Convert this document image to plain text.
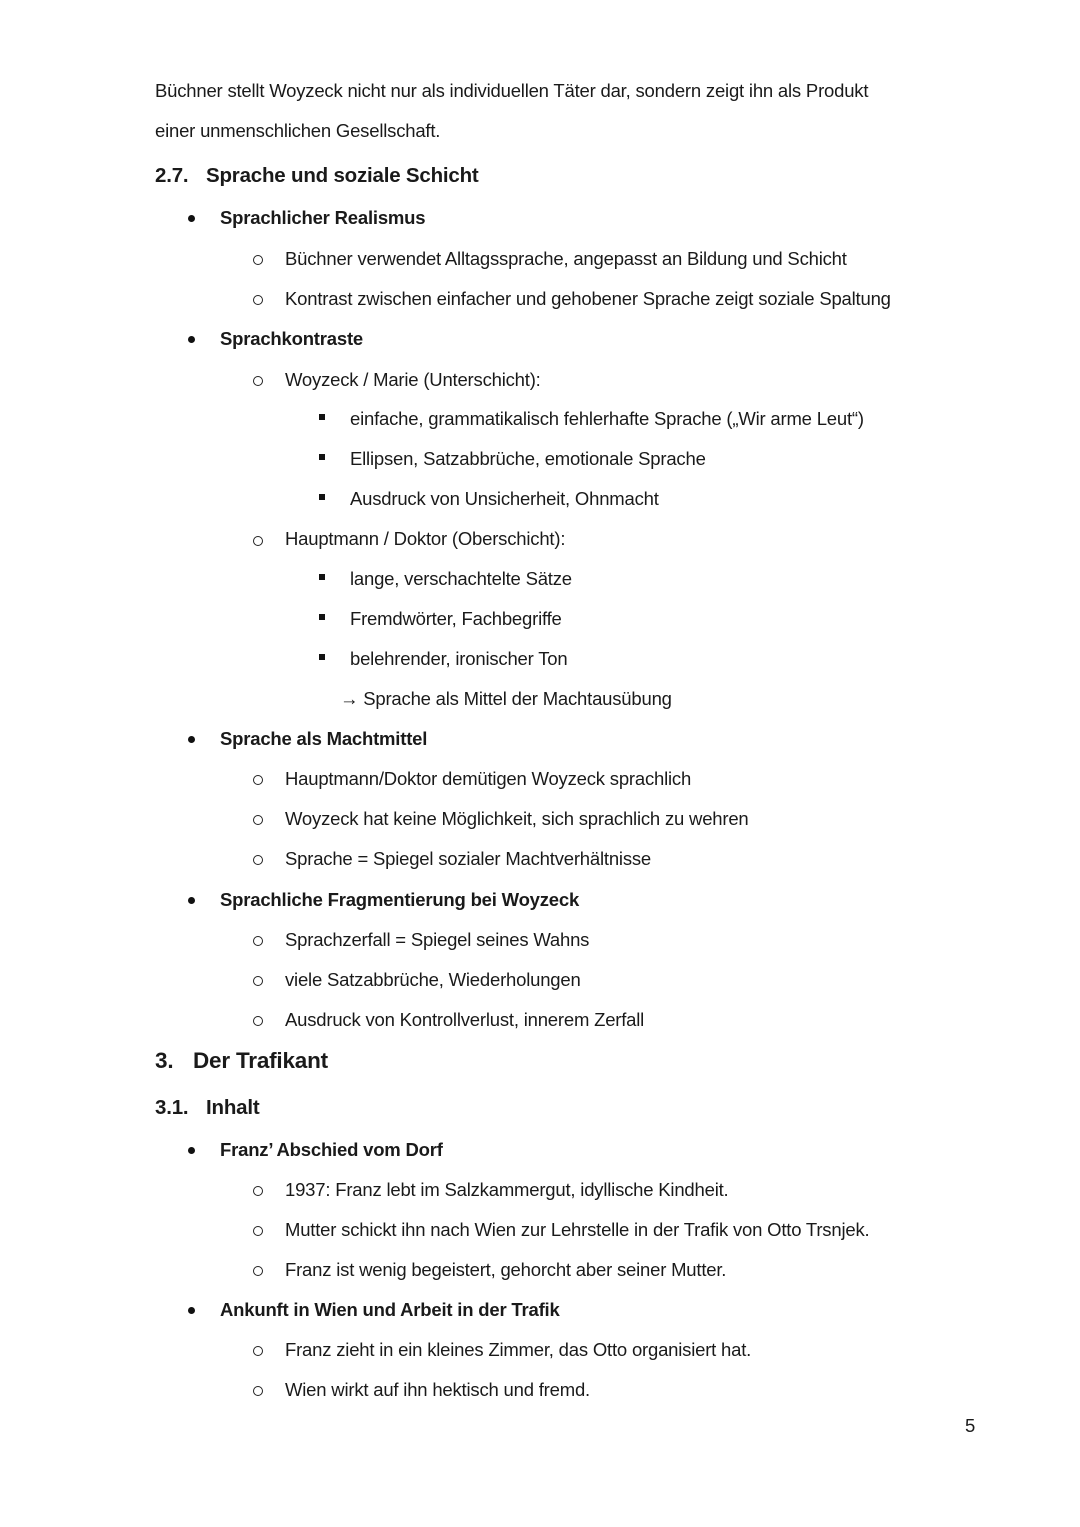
Büchner stellt Woyzeck nicht nur als individuellen Täter dar, sondern zeigt ihn als Produkt
einer unmenschlichen Gesellschaft.
2.7. Sprache und soziale Schicht
Sprachlicher Realismus
Büchner verwendet Alltagssprache, angepasst an Bildung und Schicht
Kontrast zwischen einfacher und gehobener Sprache zeigt soziale Spaltung
Sprachkontraste
Woyzeck / Marie (Unterschicht):
einfache, grammatikalisch fehlerhafte Sprache („Wir arme Leut“)
Ellipsen, Satzabbrüche, emotionale Sprache
Ausdruck von Unsicherheit, Ohnmacht
Hauptmann / Doktor (Oberschicht):
lange, verschachtelte Sätze
Fremdwörter, Fachbegriffe
belehrender, ironischer Ton
→ Sprache als Mittel der Machtausübung
Sprache als Machtmittel
Hauptmann/Doktor demütigen Woyzeck sprachlich
Woyzeck hat keine Möglichkeit, sich sprachlich zu wehren
Sprache = Spiegel sozialer Machtverhältnisse
Sprachliche Fragmentierung bei Woyzeck
Sprachzerfall = Spiegel seines Wahns
viele Satzabbrüche, Wiederholungen
Ausdruck von Kontrollverlust, innerem Zerfall
3. Der Trafikant
3.1. Inhalt
Franz’ Abschied vom Dorf
1937: Franz lebt im Salzkammergut, idyllische Kindheit.
Mutter schickt ihn nach Wien zur Lehrstelle in der Trafik von Otto Trsnjek.
Franz ist wenig begeistert, gehorcht aber seiner Mutter.
Ankunft in Wien und Arbeit in der Trafik
Franz zieht in ein kleines Zimmer, das Otto organisiert hat.
Wien wirkt auf ihn hektisch und fremd.
5
